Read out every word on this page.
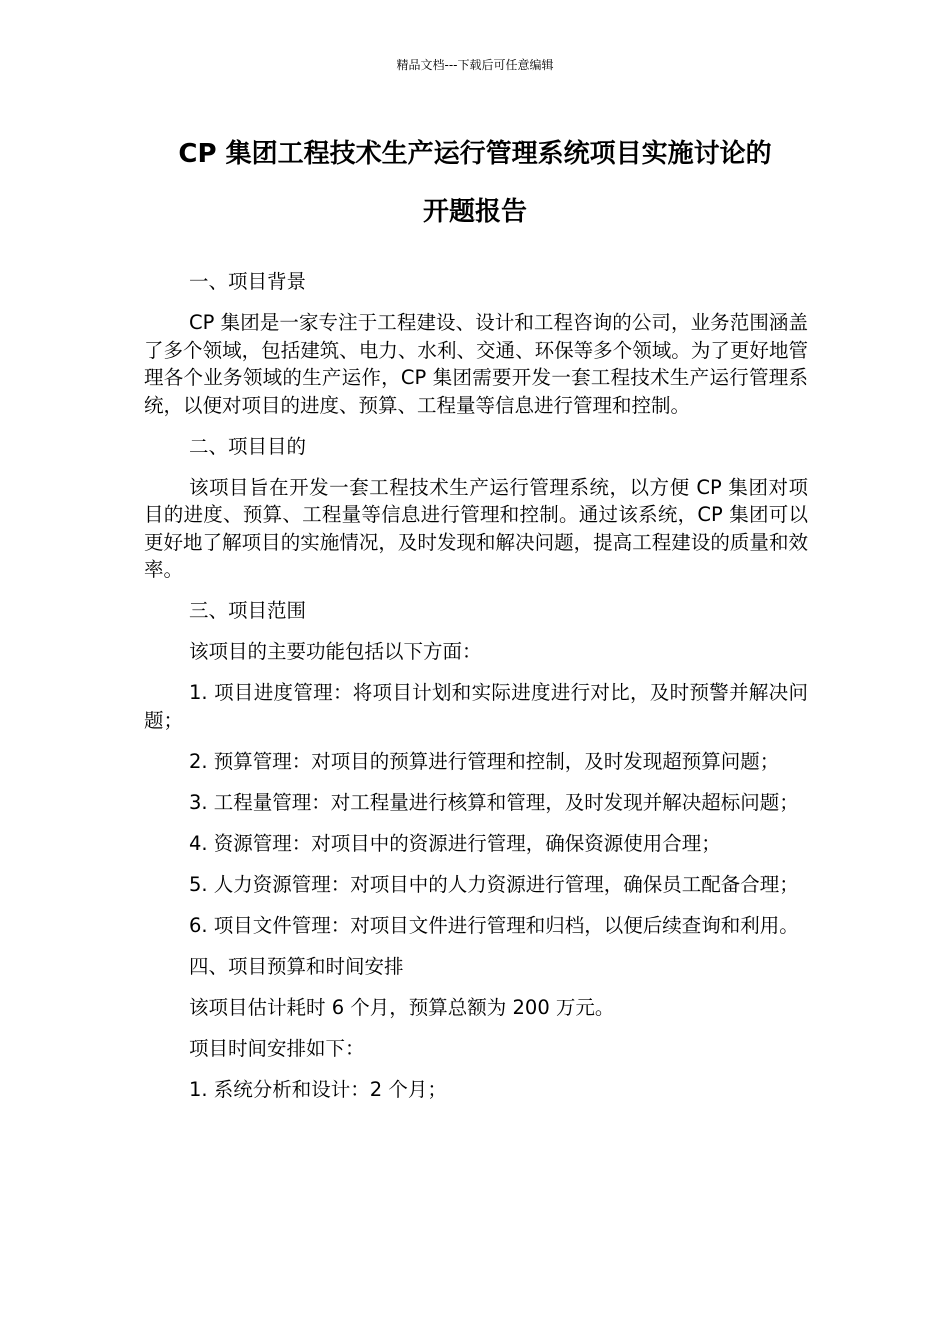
精品文档---下载后可任意编辑
CP 集团工程技术生产运行管理系统项目实施讨论的
开题报告

一、项目背景

CP 集团是一家专注于工程建设、设计和工程咨询的公司，业务范围涵盖了多个领域，包括建筑、电力、水利、交通、环保等多个领域。为了更好地管理各个业务领域的生产运作，CP 集团需要开发一套工程技术生产运行管理系统，以便对项目的进度、预算、工程量等信息进行管理和控制。

二、项目目的

该项目旨在开发一套工程技术生产运行管理系统，以方便 CP 集团对项目的进度、预算、工程量等信息进行管理和控制。通过该系统，CP 集团可以更好地了解项目的实施情况，及时发现和解决问题，提高工程建设的质量和效率。

三、项目范围

该项目的主要功能包括以下方面：

1. 项目进度管理：将项目计划和实际进度进行对比，及时预警并解决问题；

2. 预算管理：对项目的预算进行管理和控制，及时发现超预算问题；

3. 工程量管理：对工程量进行核算和管理，及时发现并解决超标问题；

4. 资源管理：对项目中的资源进行管理，确保资源使用合理；

5. 人力资源管理：对项目中的人力资源进行管理，确保员工配备合理；

6. 项目文件管理：对项目文件进行管理和归档，以便后续查询和利用。

四、项目预算和时间安排

该项目估计耗时 6 个月，预算总额为 200 万元。

项目时间安排如下：

1. 系统分析和设计：2 个月；
